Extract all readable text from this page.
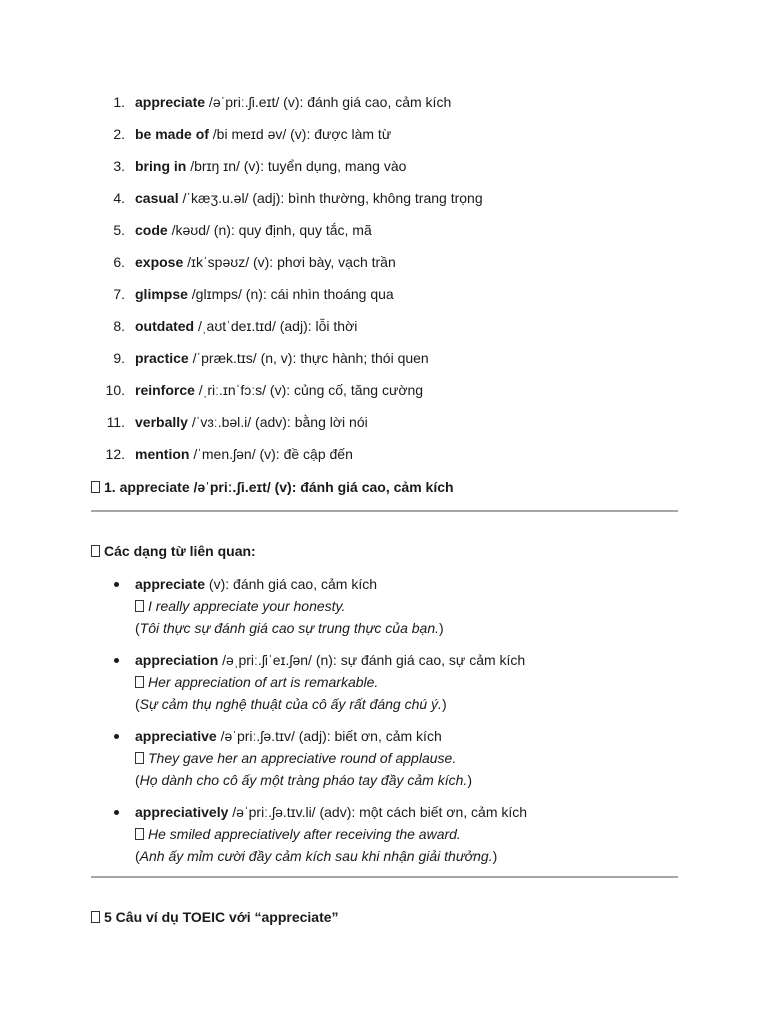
1. appreciate /əˈpriː.ʃi.eɪt/ (v): đánh giá cao, cảm kích
2. be made of /bi meɪd əv/ (v): được làm từ
3. bring in /brɪŋ ɪn/ (v): tuyển dụng, mang vào
4. casual /ˈkæʒ.u.əl/ (adj): bình thường, không trang trọng
5. code /kəʊd/ (n): quy định, quy tắc, mã
6. expose /ɪkˈspəʊz/ (v): phơi bày, vạch trần
7. glimpse /ɡlɪmps/ (n): cái nhìn thoáng qua
8. outdated /ˌaʊtˈdeɪ.tɪd/ (adj): lỗi thời
9. practice /ˈpræk.tɪs/ (n, v): thực hành; thói quen
10. reinforce /ˌriː.ɪnˈfɔːs/ (v): củng cố, tăng cường
11. verbally /ˈvɜː.bəl.i/ (adv): bằng lời nói
12. mention /ˈmen.ʃən/ (v): đề cập đến
1. appreciate /əˈpriː.ʃi.eɪt/ (v): đánh giá cao, cảm kích
Các dạng từ liên quan:
appreciate (v): đánh giá cao, cảm kích
I really appreciate your honesty.
(Tôi thực sự đánh giá cao sự trung thực của bạn.)
appreciation /əˌpriː.ʃiˈeɪ.ʃən/ (n): sự đánh giá cao, sự cảm kích
Her appreciation of art is remarkable.
(Sự cảm thụ nghệ thuật của cô ấy rất đáng chú ý.)
appreciative /əˈpriː.ʃə.tɪv/ (adj): biết ơn, cảm kích
They gave her an appreciative round of applause.
(Họ dành cho cô ấy một tràng pháo tay đầy cảm kích.)
appreciatively /əˈpriː.ʃə.tɪv.li/ (adv): một cách biết ơn, cảm kích
He smiled appreciatively after receiving the award.
(Anh ấy mỉm cười đầy cảm kích sau khi nhận giải thưởng.)
5 Câu ví dụ TOEIC với “appreciate”
